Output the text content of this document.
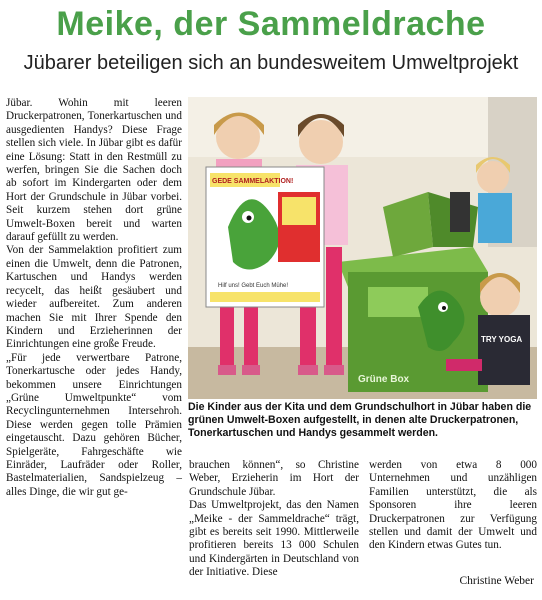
Meike, der Sammeldrache
Jübarer beteiligen sich an bundesweitem Umweltprojekt

Jübar. Wohin mit leeren Druckerpatronen, Tonerkartuschen und ausgedienten Handys? Diese Frage stellen sich viele. In Jübar gibt es dafür eine Lösung: Statt in den Restmüll zu werfen, bringen Sie die Sachen doch ab sofort im Kindergarten oder dem Hort der Grundschule in Jübar vorbei. Seit kurzem stehen dort grüne Umwelt-Boxen bereit und warten darauf gefüllt zu werden.

Von der Sammelaktion profitiert zum einen die Umwelt, denn die Patronen, Kartuschen und Handys werden recycelt, das heißt gesäubert und wieder aufbereitet. Zum anderen machen Sie mit Ihrer Spende den Kindern und Erzieherinnen der Einrichtungen eine große Freude.

„Für jede verwertbare Patrone, Tonerkartusche oder jedes Handy, bekommen unsere Einrichtungen „Grüne Umweltpunkte“ vom Recyclingunternehmen Intersehroh. Diese werden gegen tolle Prämien eingetauscht. Dazu gehören Bücher, Spielgeräte, Fahrgeschäfte wie Einräder, Laufräder oder Roller, Bastelmaterialien, Sandspielzeug – alles Dinge, die wir gut ge-

Grüne Box
GEDE SAMMELAKTION!
Hilf uns! Gebt Euch Mühe!
TRY YOGA
Die Kinder aus der Kita und dem Grundschulhort in Jübar haben die grünen Umwelt-Boxen aufgestellt, in denen alte Druckerpatronen, Tonerkartuschen und Handys gesammelt werden.

brauchen können“, so Christine Weber, Erzieherin im Hort der Grundschule Jübar.

Das Umweltprojekt, das den Namen „Meike - der Sammeldrache“ trägt, gibt es bereits seit 1990. Mittlerweile profitieren bereits 13 000 Schulen und Kindergärten in Deutschland von der Initiative. Diese

werden von etwa 8 000 Unternehmen und unzähligen Familien unterstützt, die als Sponsoren ihre leeren Druckerpatronen zur Verfügung stellen und damit der Umwelt und den Kindern etwas Gutes tun.

Christine Weber
